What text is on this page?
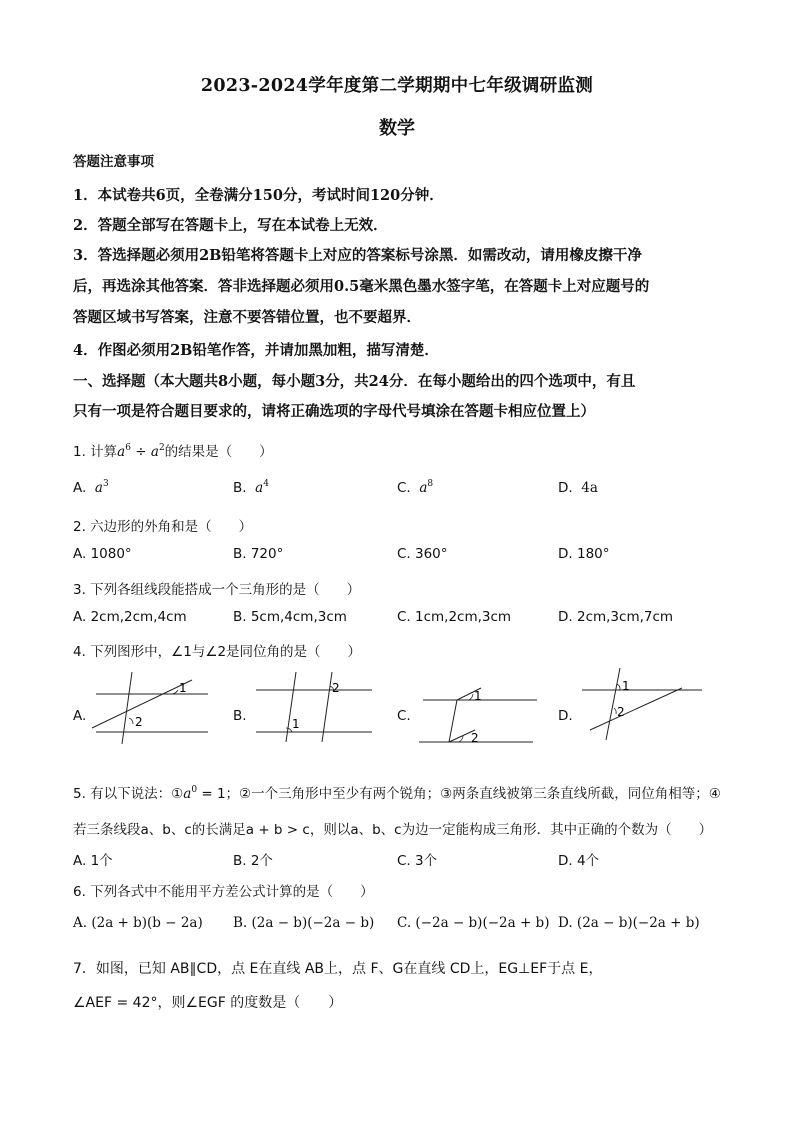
2023-2024学年度第二学期期中七年级调研监测
数学
答题注意事项
1．本试卷共6页，全卷满分150分，考试时间120分钟．
2．答题全部写在答题卡上，写在本试卷上无效．
3．答选择题必须用2B铅笔将答题卡上对应的答案标号涂黑．如需改动，请用橡皮擦干净
后，再选涂其他答案．答非选择题必须用0.5毫米黑色墨水签字笔，在答题卡上对应题号的
答题区域书写答案，注意不要答错位置，也不要超界．
4．作图必须用2B铅笔作答，并请加黑加粗，描写清楚．
一、选择题（本大题共8小题，每小题3分，共24分．在每小题给出的四个选项中，有且
只有一项是符合题目要求的，请将正确选项的字母代号填涂在答题卡相应位置上）
1. 计算$a^6 \div a^2$的结果是（　　）
A. $a^3$	B. $a^4$	C. $a^8$	D. 4a
2. 六边形的外角和是（　　）
A. 1080°	B. 720°	C. 360°	D. 180°
3. 下列各组线段能搭成一个三角形的是（　　）
A. 2cm,2cm,4cm	B. 5cm,4cm,3cm	C. 1cm,2cm,3cm	D. 2cm,3cm,7cm
4. 下列图形中，∠1与∠2是同位角的是（　　）
A.
1
2	B.
2
1	C.
1
2
D.
1
2
5. 有以下说法：$①a^0 = 1$；②一个三角形中至少有两个锐角；③两条直线被第三条直线所截，同位角相等；④
若三条线段a、b、c的长满足a + b > c，则以a、b、c为边一定能构成三角形．其中正确的个数为（　　）
A. 1个	B. 2个	C. 3个	D. 4个
6. 下列各式中不能用平方差公式计算的是（　　）
A. (2a + b)(b − 2a) B. (2a − b)(−2a − b) C. (−2a − b)(−2a + b) D. (2a − b)(−2a + b)
7．如图，已知 AB∥CD，点 E在直线 AB上，点 F、G在直线 CD上，EG⊥EF于点 E，
∠AEF = 42°，则∠EGF 的度数是（　　）
